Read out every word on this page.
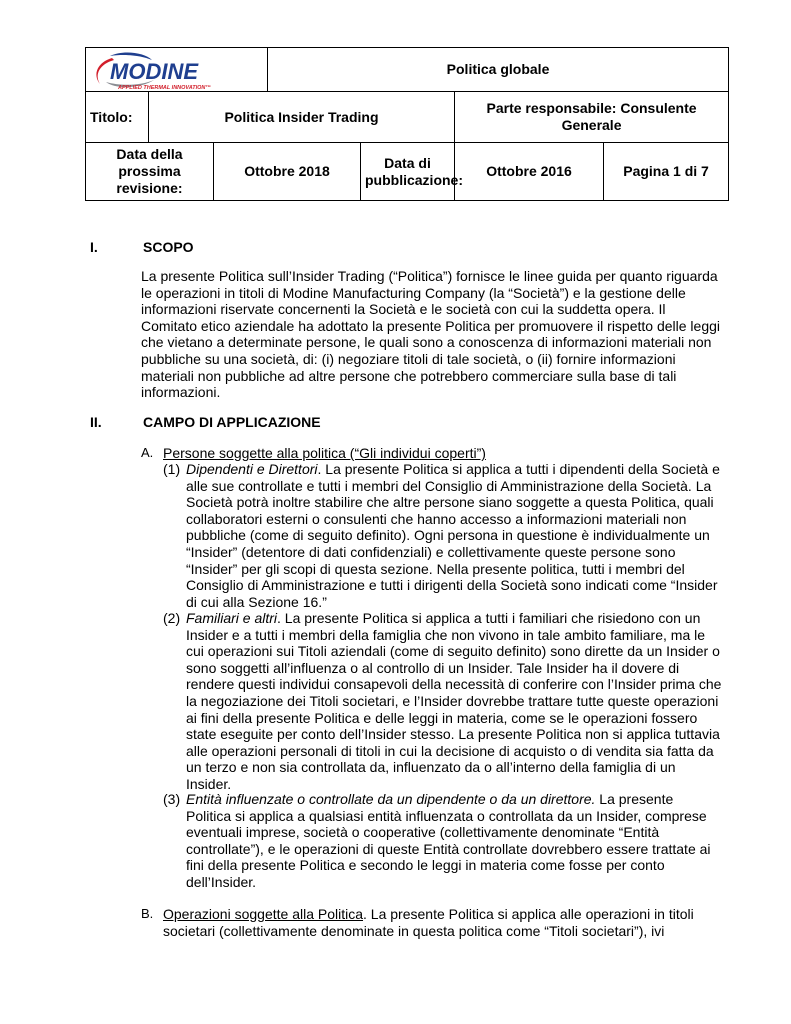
MODINE
APPLIED THERMAL INNOVATION™			Politica globale			
Titolo:	Politica Insider Trading				Parte responsabile: Consulente Generale	
Data della prossima revisione:		Ottobre 2018		Data di pubblicazione:	Ottobre 2016	Pagina 1 di 7
I.	SCOPO
La presente Politica sull’Insider Trading (“Politica”) fornisce le linee guida per quanto riguarda le operazioni in titoli di Modine Manufacturing Company (la “Società”) e la gestione delle informazioni riservate concernenti la Società e le società con cui la suddetta opera. Il Comitato etico aziendale ha adottato la presente Politica per promuovere il rispetto delle leggi che vietano a determinate persone, le quali sono a conoscenza di informazioni materiali non pubbliche su una società, di: (i) negoziare titoli di tale società, o (ii) fornire informazioni materiali non pubbliche ad altre persone che potrebbero commerciare sulla base di tali informazioni.
II.	CAMPO DI APPLICAZIONE
A. Persone soggette alla politica (“Gli individui coperti”)
(1) Dipendenti e Direttori. La presente Politica si applica a tutti i dipendenti della Società e alle sue controllate e tutti i membri del Consiglio di Amministrazione della Società. La Società potrà inoltre stabilire che altre persone siano soggette a questa Politica, quali collaboratori esterni o consulenti che hanno accesso a informazioni materiali non pubbliche (come di seguito definito). Ogni persona in questione è individualmente un “Insider” (detentore di dati confidenziali) e collettivamente queste persone sono “Insider” per gli scopi di questa sezione. Nella presente politica, tutti i membri del Consiglio di Amministrazione e tutti i dirigenti della Società sono indicati come “Insider di cui alla Sezione 16.”
(2) Familiari e altri. La presente Politica si applica a tutti i familiari che risiedono con un Insider e a tutti i membri della famiglia che non vivono in tale ambito familiare, ma le cui operazioni sui Titoli aziendali (come di seguito definito) sono dirette da un Insider o sono soggetti all’influenza o al controllo di un Insider. Tale Insider ha il dovere di rendere questi individui consapevoli della necessità di conferire con l’Insider prima che la negoziazione dei Titoli societari, e l’Insider dovrebbe trattare tutte queste operazioni ai fini della presente Politica e delle leggi in materia, come se le operazioni fossero state eseguite per conto dell’Insider stesso. La presente Politica non si applica tuttavia alle operazioni personali di titoli in cui la decisione di acquisto o di vendita sia fatta da un terzo e non sia controllata da, influenzato da o all’interno della famiglia di un Insider.
(3) Entità influenzate o controllate da un dipendente o da un direttore. La presente Politica si applica a qualsiasi entità influenzata o controllata da un Insider, comprese eventuali imprese, società o cooperative (collettivamente denominate “Entità controllate”), e le operazioni di queste Entità controllate dovrebbero essere trattate ai fini della presente Politica e secondo le leggi in materia come fosse per conto dell’Insider.
B. Operazioni soggette alla Politica. La presente Politica si applica alle operazioni in titoli societari (collettivamente denominate in questa politica come “Titoli societari”), ivi
